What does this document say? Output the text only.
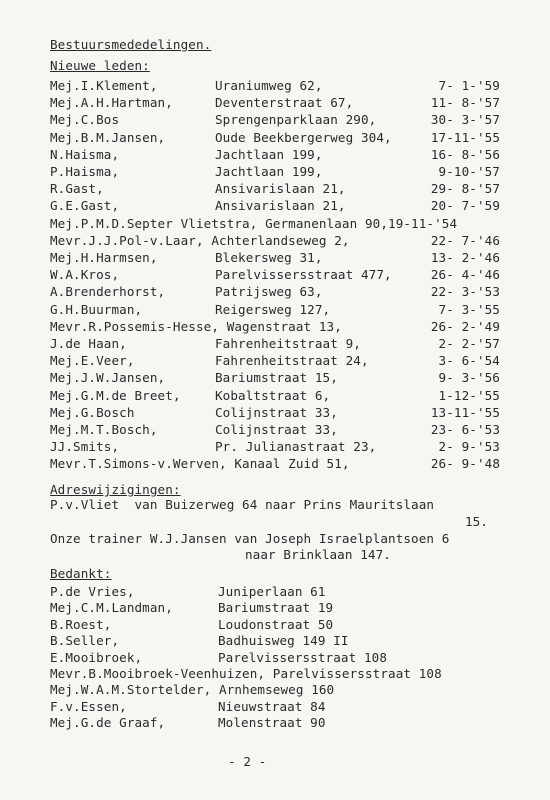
Bestuursmededelingen.
Nieuwe leden:
Mej.I.Klement,	Uraniumweg 62,	7- 1-'59
Mej.A.H.Hartman,	Deventerstraat 67,	11- 8-'57
Mej.C.Bos	Sprengenparklaan 290,	30- 3-'57
Mej.B.M.Jansen,	Oude Beekbergerweg 304,	17-11-'55
N.Haisma,	Jachtlaan 199,	16- 8-'56
P.Haisma,	Jachtlaan 199,	9-10-'57
R.Gast,	Ansivarislaan 21,	29- 8-'57
G.E.Gast,	Ansivarislaan 21,	20- 7-'59
Mej.P.M.D.Septer Vlietstra, Germanenlaan 90,19-11-'54
Mevr.J.J.Pol-v.Laar, Achterlandseweg 2,	22- 7-'46
Mej.H.Harmsen,	Blekersweg 31,	13- 2-'46
W.A.Kros,	Parelvissersstraat 477,	26- 4-'46
A.Brenderhorst,	Patrijsweg 63,	22- 3-'53
G.H.Buurman,	Reigersweg 127,	7- 3-'55
Mevr.R.Possemis-Hesse, Wagenstraat 13,	26- 2-'49
J.de Haan,	Fahrenheitstraat 9,	2- 2-'57
Mej.E.Veer,	Fahrenheitstraat 24,	3- 6-'54
Mej.J.W.Jansen,	Bariumstraat 15,	9- 3-'56
Mej.G.M.de Breet,	Kobaltstraat 6,	1-12-'55
Mej.G.Bosch	Colijnstraat 33,	13-11-'55
Mej.M.T.Bosch,	Colijnstraat 33,	23- 6-'53
JJ.Smits,	Pr. Julianastraat 23,	2- 9-'53
Mevr.T.Simons-v.Werven, Kanaal Zuid 51,	26- 9-'48
Adreswijzigingen:
P.v.Vliet  van Buizerweg 64 naar Prins Mauritslaan
15.
Onze trainer W.J.Jansen van Joseph Israelplantsoen 6
naar Brinklaan 147.
Bedankt:
P.de Vries,	Juniperlaan 61
Mej.C.M.Landman,	Bariumstraat 19
B.Roest,	Loudonstraat 50
B.Seller,	Badhuisweg 149 II
E.Mooibroek,	Parelvissersstraat 108
Mevr.B.Mooibroek-Veenhuizen, Parelvissersstraat 108
Mej.W.A.M.Stortelder, Arnhemseweg 160
F.v.Essen,	Nieuwstraat 84
Mej.G.de Graaf,	Molenstraat 90
- 2 -
